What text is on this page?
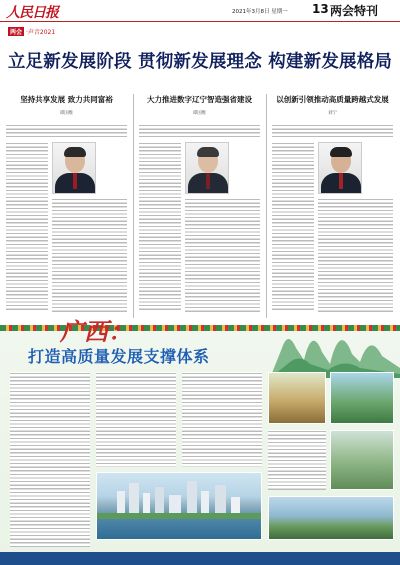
人民日报	2021年3月8日 星期一 13 两会特刊
两会 ·声音2021
立足新发展阶段 贯彻新发展理念 构建新发展格局
坚持共享发展 致力共同富裕
谭国维
大力推进数字辽宁智造强省建设
谭国维
以创新引领推动高质量跨越式发展
刘宁
广西：
打造高质量发展支撑体系
